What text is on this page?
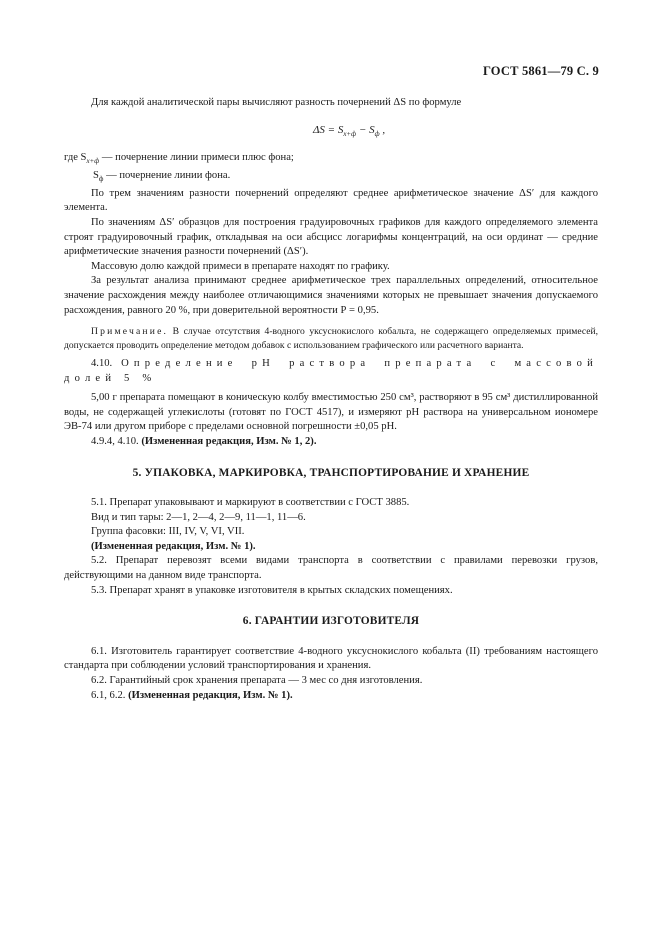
ГОСТ 5861—79 С. 9

Для каждой аналитической пары вычисляют разность почернений ΔS по формуле

$\Delta S = S_{x+ф} - S_ф$ ,

где $S_{x+ф}$ — почернение линии примеси плюс фона;

$S_ф$ — почернение линии фона.

По трем значениям разности почернений определяют среднее арифметическое значение ΔS′ для каждого элемента.

По значениям ΔS′ образцов для построения градуировочных графиков для каждого определяемого элемента строят градуировочный график, откладывая на оси абсцисс логарифмы концентраций, на оси ординат — средние арифметические значения разности почернений (ΔS′).

Массовую долю каждой примеси в препарате находят по графику.

За результат анализа принимают среднее арифметическое трех параллельных определений, относительное значение расхождения между наиболее отличающимися значениями которых не превышает значения допускаемого расхождения, равного 20 %, при доверительной вероятности Р = 0,95.

Примечание. В случае отсутствия 4-водного уксуснокислого кобальта, не содержащего определяемых примесей, допускается проводить определение методом добавок с использованием графического или расчетного варианта.

4.10. Определение рН раствора препарата с массовой долей 5 %

5,00 г препарата помещают в коническую колбу вместимостью 250 см³, растворяют в 95 см³ дистиллированной воды, не содержащей углекислоты (готовят по ГОСТ 4517), и измеряют рН раствора на универсальном иономере ЭВ-74 или другом приборе с пределами основной погрешности ±0,05 рН.

4.9.4, 4.10. (Измененная редакция, Изм. № 1, 2).

5. УПАКОВКА, МАРКИРОВКА, ТРАНСПОРТИРОВАНИЕ И ХРАНЕНИЕ

5.1. Препарат упаковывают и маркируют в соответствии с ГОСТ 3885.

Вид и тип тары: 2—1, 2—4, 2—9, 11—1, 11—6.

Группа фасовки: III, IV, V, VI, VII.

(Измененная редакция, Изм. № 1).

5.2. Препарат перевозят всеми видами транспорта в соответствии с правилами перевозки грузов, действующими на данном виде транспорта.

5.3. Препарат хранят в упаковке изготовителя в крытых складских помещениях.

6. ГАРАНТИИ ИЗГОТОВИТЕЛЯ

6.1. Изготовитель гарантирует соответствие 4-водного уксуснокислого кобальта (II) требованиям настоящего стандарта при соблюдении условий транспортирования и хранения.

6.2. Гарантийный срок хранения препарата — 3 мес со дня изготовления.

6.1, 6.2. (Измененная редакция, Изм. № 1).
